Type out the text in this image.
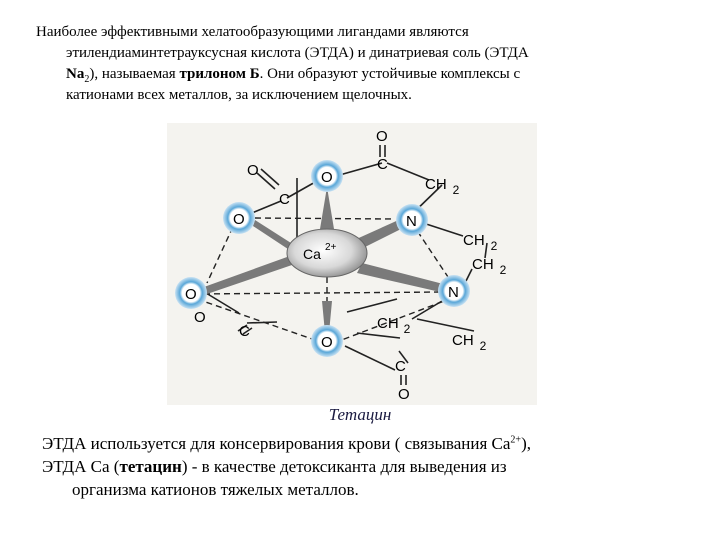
Наиболее эффективными хелатообразующими лигандами являются
этилендиаминтетрауксусная кислота (ЭТДА) и динатриевая соль (ЭТДА
$Na_2$), называемая трилоном Б. Они образуют устойчивые комплексы с
катионами всех металлов, за исключением щелочных.
Ca 2+
O
O	N
O	N
O
O
C
O
C
O
C
C
O
CH $_2$
CH $_2$
CH $_2$
CH $_2$
CH $_2$
Тетацин

ЭТДА используется для консервирования крови ( связывания $Са^{2+}$),

ЭТДА Са (тетацин) - в качестве детоксиканта для выведения из

организма катионов тяжелых металлов.
